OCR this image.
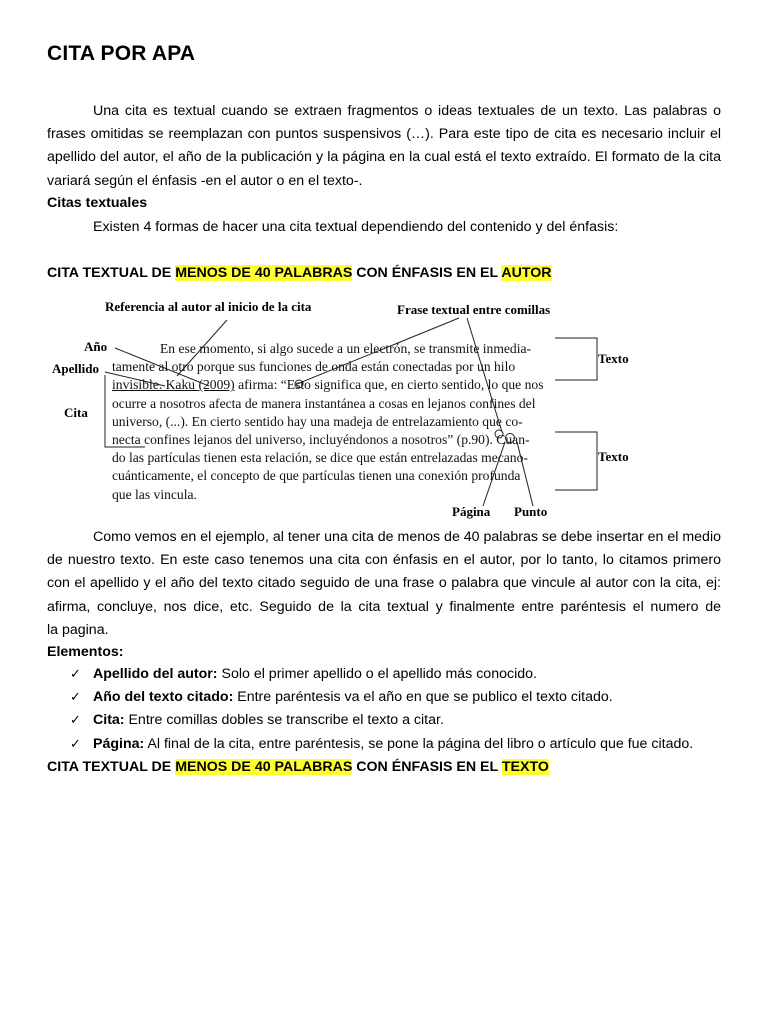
CITA POR APA
Una cita es textual cuando se extraen fragmentos o ideas textuales de un texto. Las palabras o
frases omitidas se reemplazan con puntos suspensivos (…). Para este tipo de cita es necesario incluir el
apellido del autor, el año de la publicación y la página en la cual está el texto extraído. El formato de la cita
variará según el énfasis -en el autor o en el texto-.

Citas textuales

Existen 4 formas de hacer una cita textual dependiendo del contenido y del énfasis:

CITA TEXTUAL DE MENOS DE 40 PALABRAS CON ÉNFASIS EN EL AUTOR

Referencia al autor al inicio de la cita	Frase textual entre comillas
Año
Apellido
Cita
Texto
Texto
Página Punto
En ese momento, si algo sucede a un electrón, se transmite inmedia-
tamente al otro porque sus funciones de onda están conectadas por un hilo
invisible. Kaku (2009) afirma: “Esto significa que, en cierto sentido, lo que nos
ocurre a nosotros afecta de manera instantánea a cosas en lejanos confines del
universo, (...). En cierto sentido hay una madeja de entrelazamiento que co-
necta confines lejanos del universo, incluyéndonos a nosotros” (p.90). Cuan-
do las partículas tienen esta relación, se dice que están entrelazadas mecano-
cuánticamente, el concepto de que partículas tienen una conexión profunda
que las vincula.
Como vemos en el ejemplo, al tener una cita de menos de 40 palabras se debe insertar en el medio
de nuestro texto. En este caso tenemos una cita con énfasis en el autor, por lo tanto, lo citamos primero
con el apellido y el año del texto citado seguido de una frase o palabra que vincule al autor con la cita, ej:
afirma, concluye, nos dice, etc. Seguido de la cita textual y finalmente entre paréntesis el numero de
la pagina.

Elementos:

✓ Apellido del autor: Solo el primer apellido o el apellido más conocido.
✓ Año del texto citado: Entre paréntesis va el año en que se publico el texto citado.
✓ Cita: Entre comillas dobles se transcribe el texto a citar.
✓ Página: Al final de la cita, entre paréntesis, se pone la página del libro o artículo que fue citado.

CITA TEXTUAL DE MENOS DE 40 PALABRAS CON ÉNFASIS EN EL TEXTO
